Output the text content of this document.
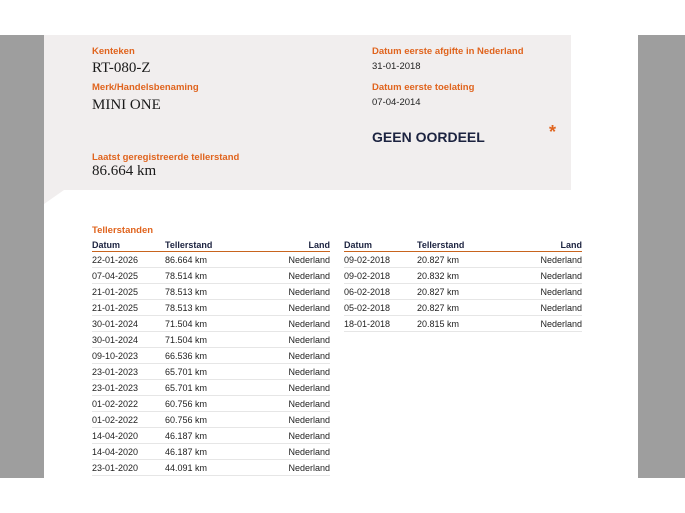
Kenteken
RT-080-Z
Merk/Handelsbenaming
MINI ONE
Laatst geregistreerde tellerstand
86.664 km
Datum eerste afgifte in Nederland
31-01-2018
Datum eerste toelating
07-04-2014
GEEN OORDEEL	*
Tellerstanden
Datum	Tellerstand	Land
22-01-2026	86.664 km	Nederland
07-04-2025	78.514 km	Nederland
21-01-2025	78.513 km	Nederland
21-01-2025	78.513 km	Nederland
30-01-2024	71.504 km	Nederland
30-01-2024	71.504 km	Nederland
09-10-2023	66.536 km	Nederland
23-01-2023	65.701 km	Nederland
23-01-2023	65.701 km	Nederland
01-02-2022	60.756 km	Nederland
01-02-2022	60.756 km	Nederland
14-04-2020	46.187 km	Nederland
14-04-2020	46.187 km	Nederland
23-01-2020	44.091 km	Nederland
Datum	Tellerstand	Land
09-02-2018	20.827 km	Nederland
09-02-2018	20.832 km	Nederland
06-02-2018	20.827 km	Nederland
05-02-2018	20.827 km	Nederland
18-01-2018	20.815 km	Nederland
